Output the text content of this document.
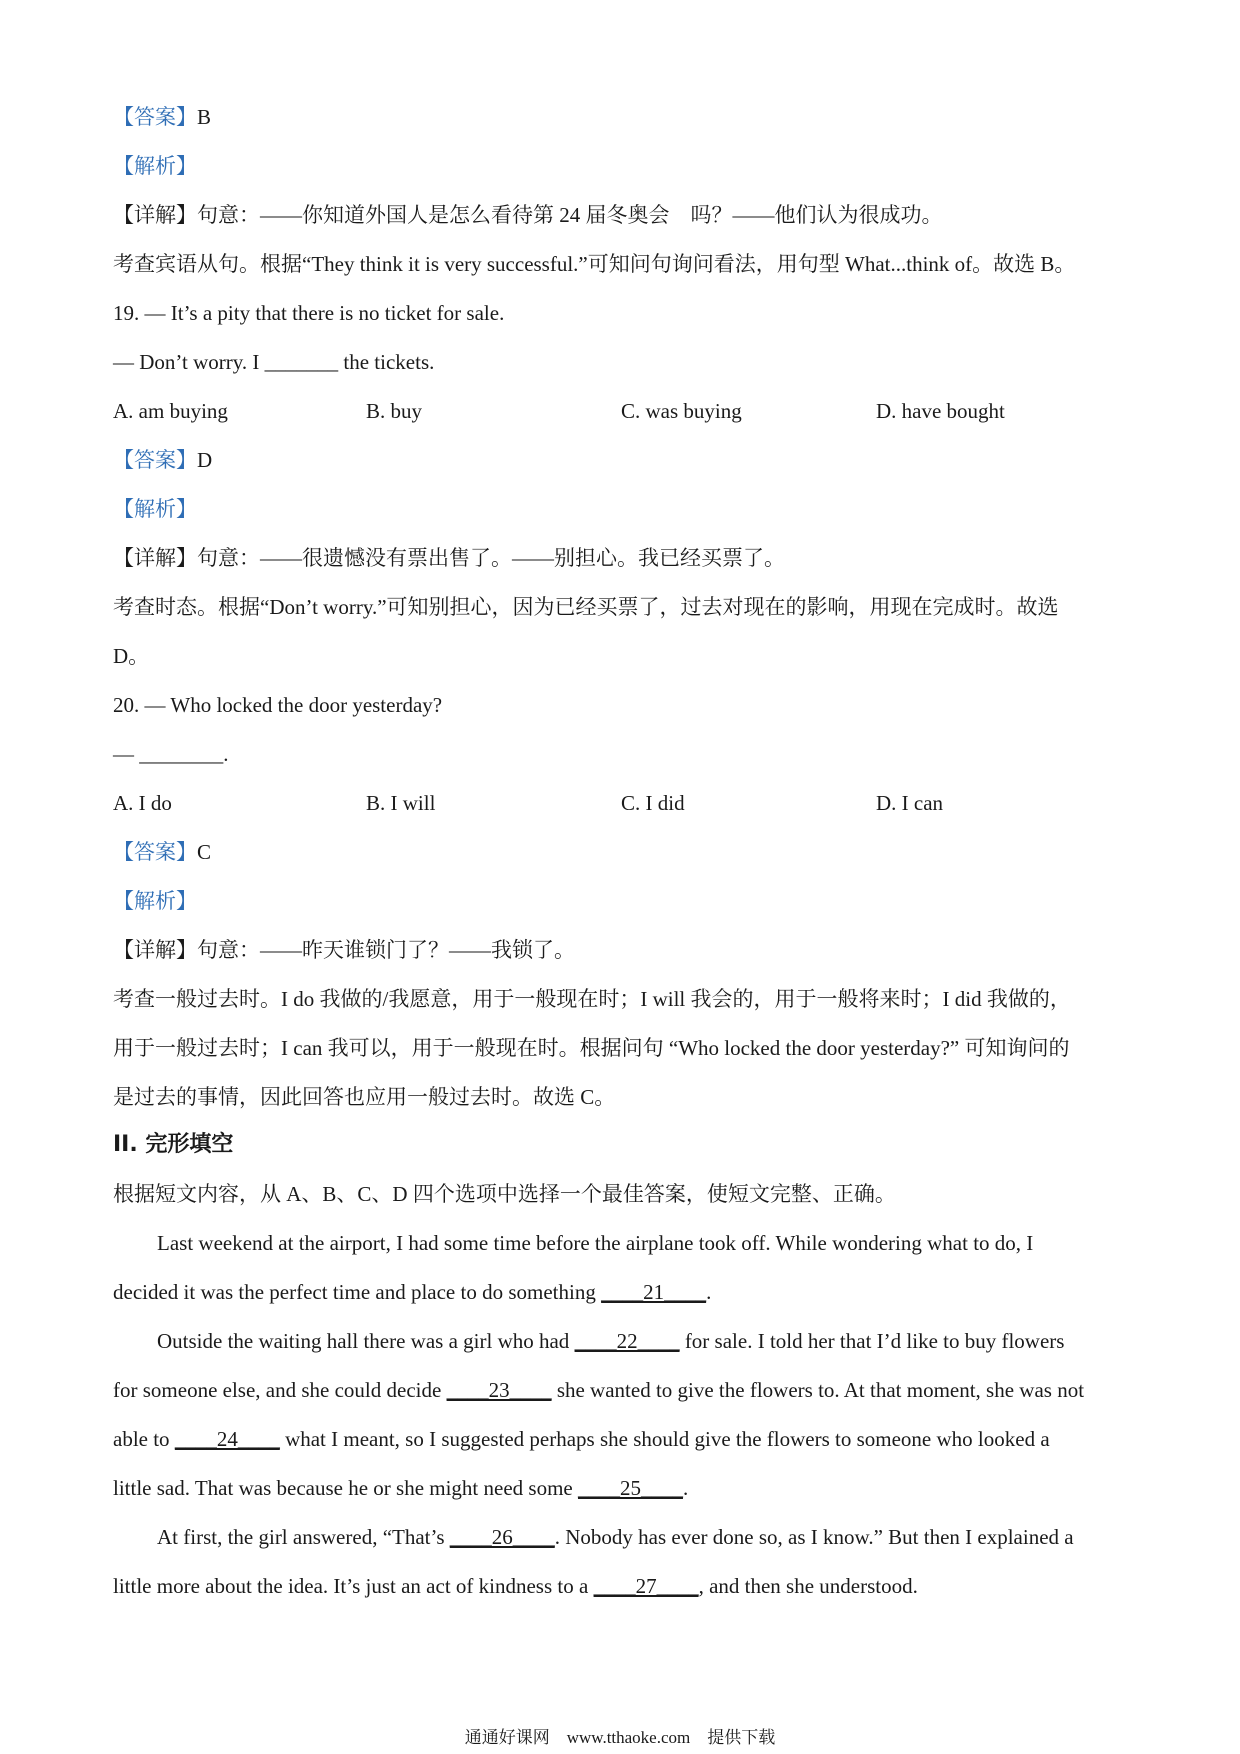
【答案】B
【解析】
【详解】句意：——你知道外国人是怎么看待第 24 届冬奥会　吗？——他们认为很成功。
考查宾语从句。根据“They think it is very successful.”可知问句询问看法，用句型 What...think of。故选 B。
19. — It’s a pity that there is no ticket for sale.
— Don’t worry. I _______ the tickets.
A. am buying	B. buy	C. was buying	D. have bought
【答案】D
【解析】
【详解】句意：——很遗憾没有票出售了。——别担心。我已经买票了。
考查时态。根据“Don’t worry.”可知别担心，因为已经买票了，过去对现在的影响，用现在完成时。故选
D。
20. — Who locked the door yesterday?
— ________.
A. I do	B. I will	C. I did	D. I can
【答案】C
【解析】
【详解】句意：——昨天谁锁门了？——我锁了。
考查一般过去时。I do 我做的/我愿意，用于一般现在时；I will 我会的，用于一般将来时；I did 我做的，
用于一般过去时；I can 我可以，用于一般现在时。根据问句 “Who locked the door yesterday?” 可知询问的
是过去的事情，因此回答也应用一般过去时。故选 C。
II. 完形填空
根据短文内容，从 A、B、C、D 四个选项中选择一个最佳答案，使短文完整、正确。
Last weekend at the airport, I had some time before the airplane took off. While wondering what to do, I
decided it was the perfect time and place to do something ____21____.
Outside the waiting hall there was a girl who had ____22____ for sale. I told her that I’d like to buy flowers
for someone else, and she could decide ____23____ she wanted to give the flowers to. At that moment, she was not
able to ____24____ what I meant, so I suggested perhaps she should give the flowers to someone who looked a
little sad. That was because he or she might need some ____25____.
At first, the girl answered, “That’s ____26____. Nobody has ever done so, as I know.” But then I explained a
little more about the idea. It’s just an act of kindness to a ____27____, and then she understood.
通通好课网　www.tthaoke.com　提供下载
